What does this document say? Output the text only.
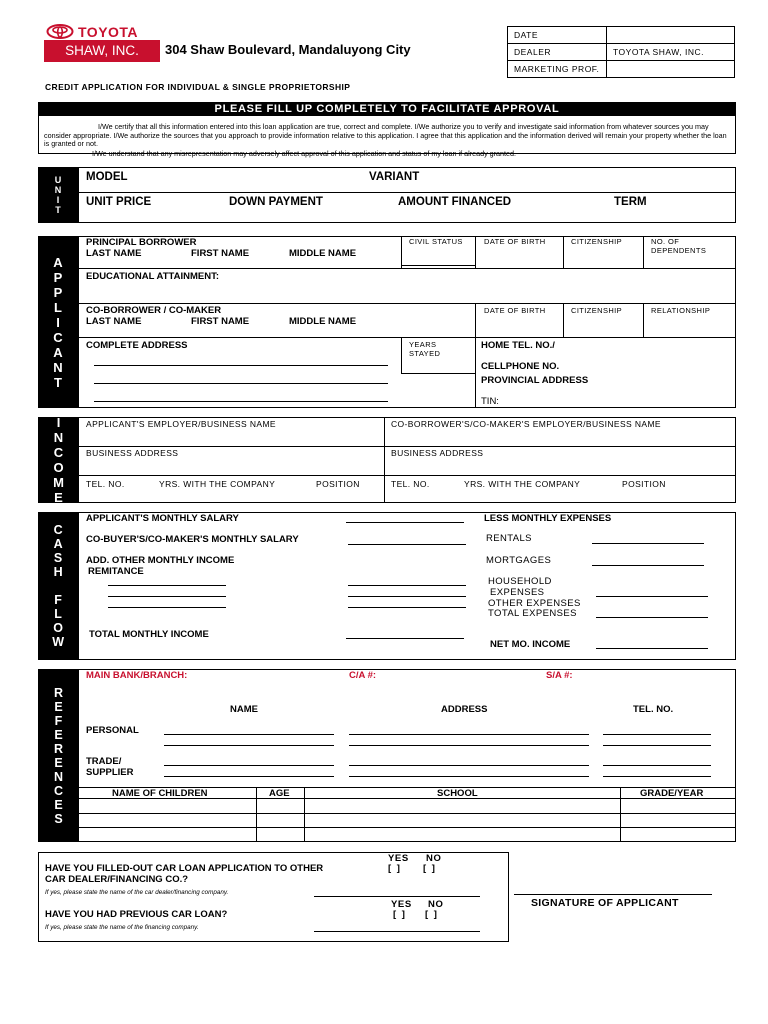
TOYOTA
SHAW, INC.	304 Shaw Boulevard, Mandaluyong City
CREDIT APPLICATION FOR INDIVIDUAL & SINGLE PROPRIETORSHIP
DATE	
DEALER	TOYOTA SHAW, INC.
MARKETING PROF.	
PLEASE FILL UP COMPLETELY TO FACILITATE APPROVAL
I/We certify that all this information entered into this loan application are true, correct and complete. I/We authorize you to verify and investigate said information from whatever sources you may consider appropriate. I/We authorize the sources that you approach to provide information relative to this application. I agree that this application and the information derived will remain your property whether the loan is granted or not.
I/We understand that any misrepresentation may adversely affect approval of this application and status of my loan if already granted.
UNIT MODEL	VARIANT
UNIT PRICE	DOWN PAYMENT	AMOUNT FINANCED	TERM
APPLICANT
PRINCIPAL BORROWER
LAST NAME	FIRST NAME	MIDDLE NAME
CIVIL STATUS	DATE OF BIRTH	CITIZENSHIP	NO. OF DEPENDENTS
EDUCATIONAL ATTAINMENT:
CO-BORROWER / CO-MAKER
LAST NAME	FIRST NAME	MIDDLE NAME
DATE OF BIRTH	CITIZENSHIP	RELATIONSHIP
COMPLETE ADDRESS	YEARS STAYED
HOME TEL. NO./
CELLPHONE NO.
PROVINCIAL ADDRESS
TIN:
INCOME APPLICANT'S EMPLOYER/BUSINESS NAME	CO-BORROWER'S/CO-MAKER'S EMPLOYER/BUSINESS NAME
BUSINESS ADDRESS	BUSINESS ADDRESS
TEL. NO.	YRS. WITH THE COMPANY	POSITION	TEL. NO.	YRS. WITH THE COMPANY	POSITION
CASH FLOW
APPLICANT'S MONTHLY SALARY
CO-BUYER'S/CO-MAKER'S MONTHLY SALARY
ADD. OTHER MONTHLY INCOME
REMITANCE
TOTAL MONTHLY INCOME
LESS MONTHLY EXPENSES
RENTALS
MORTGAGES
HOUSEHOLD
EXPENSES
OTHER EXPENSES
TOTAL EXPENSES
NET MO. INCOME
REFERENCES
MAIN BANK/BRANCH:	C/A #:	S/A #:
NAME	ADDRESS	TEL. NO.
PERSONAL
TRADE/
SUPPLIER
NAME OF CHILDREN	AGE	SCHOOL	GRADE/YEAR
YES NO
HAVE YOU FILLED-OUT CAR LOAN APPLICATION TO OTHER	[ ] [ ]
CAR DEALER/FINANCING CO.?
If yes, please state the name of the car dealer/financing company.
YES NO
HAVE YOU HAD PREVIOUS CAR LOAN?	[ ] [ ]
If yes, please state the name of the financing company.
SIGNATURE OF APPLICANT
